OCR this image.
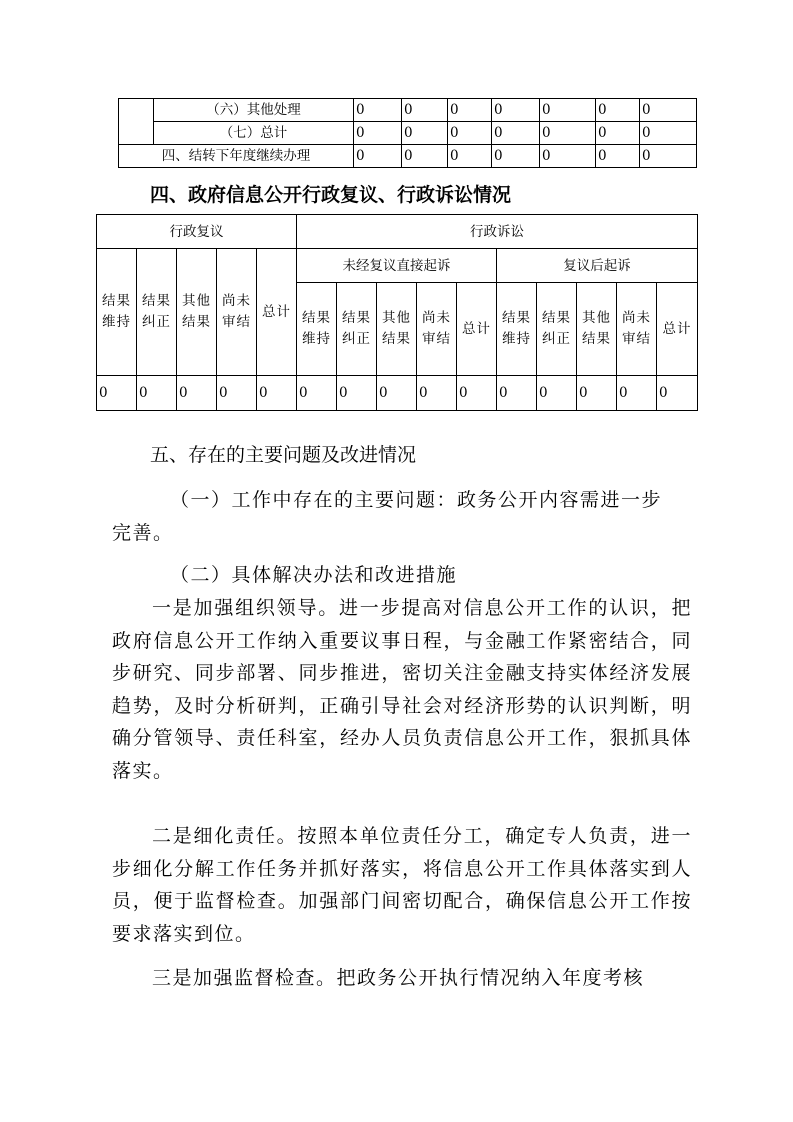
	（六）其他处理	0	0	0	0	0	0	0
	（七）总计	0	0	0	0	0	0	0
四、结转下年度继续办理		0	0	0	0	0	0	0
四、政府信息公开行政复议、行政诉讼情况
行政复议					行政诉讼									
结果维持	结果纠正	其他结果	尚未审结	总计	未经复议直接起诉					复议后起诉				
					结果维持	结果纠正	其他结果	尚未审结	总计	结果维持	结果纠正	其他结果	尚未审结	总计
0	0	0	0	0	0	0	0	0	0	0	0	0	0	0
五、存在的主要问题及改进情况
（一）工作中存在的主要问题：政务公开内容需进一步
完善。
（二）具体解决办法和改进措施
一是加强组织领导。进一步提高对信息公开工作的认识，把政府信息公开工作纳入重要议事日程，与金融工作紧密结合，同步研究、同步部署、同步推进，密切关注金融支持实体经济发展趋势，及时分析研判，正确引导社会对经济形势的认识判断，明确分管领导、责任科室，经办人员负责信息公开工作，狠抓具体落实。
二是细化责任。按照本单位责任分工，确定专人负责，进一步细化分解工作任务并抓好落实，将信息公开工作具体落实到人员，便于监督检查。加强部门间密切配合，确保信息公开工作按要求落实到位。
三是加强监督检查。把政务公开执行情况纳入年度考核
